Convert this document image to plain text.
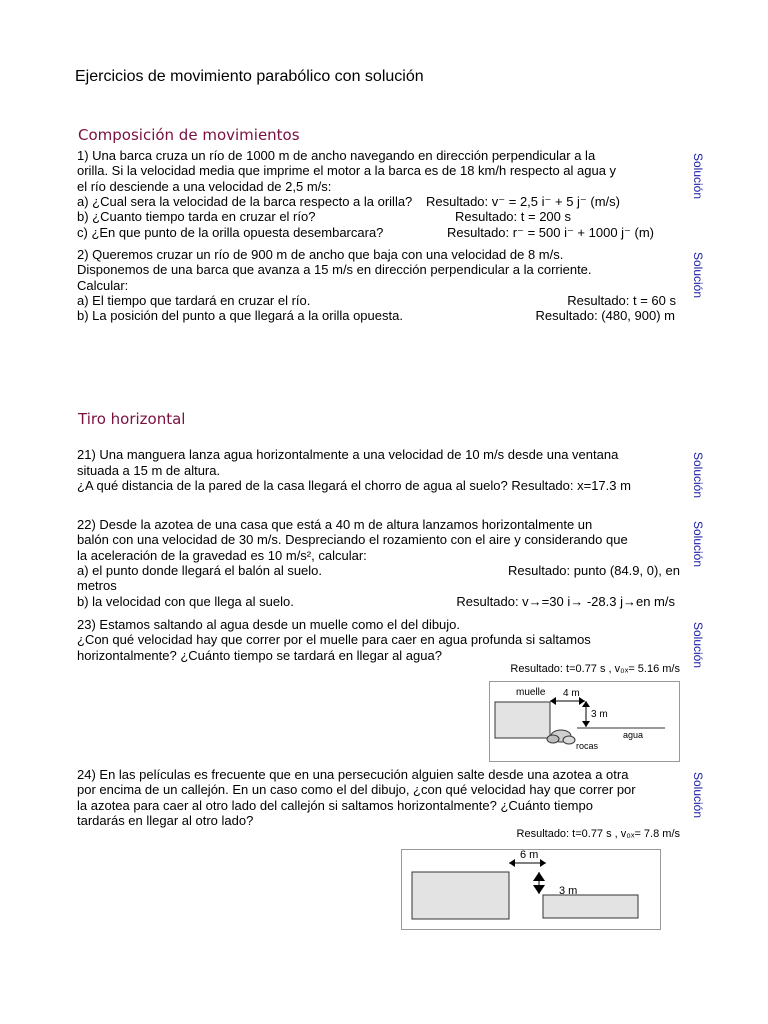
Ejercicios de movimiento parabólico con solución
Composición de movimientos
1) Una barca cruza un río de 1000 m de ancho navegando en dirección perpendicular a la
orilla. Si la velocidad media que imprime el motor a la barca es de 18 km/h respecto al agua y
el río desciende a una velocidad de 2,5 m/s:
a) ¿Cual sera la velocidad de la barca respecto a la orilla?
b) ¿Cuanto tiempo tarda en cruzar el río?
c) ¿En que punto de la orilla opuesta desembarcara?
Resultado: v⁻ = 2,5 i⁻ + 5 j⁻ (m/s)
Resultado: t = 200 s
Resultado: r⁻ = 500 i⁻ + 1000 j⁻ (m)
Solución
2) Queremos cruzar un río de 900 m de ancho que baja con una velocidad de 8 m/s.
Disponemos de una barca que avanza a 15 m/s en dirección perpendicular a la corriente.
Calcular:
a) El tiempo que tardará en cruzar el río.
b) La posición del punto a que llegará a la orilla opuesta.
Resultado: t = 60 s
Resultado: (480, 900) m
Solución
Tiro horizontal
21) Una manguera lanza agua horizontalmente a una velocidad de 10 m/s desde una ventana
situada a 15 m de altura.
¿A qué distancia de la pared de la casa llegará el chorro de agua al suelo? Resultado: x=17.3 m	Solución
22) Desde la azotea de una casa que está a 40 m de altura lanzamos horizontalmente un
balón con una velocidad de 30 m/s. Despreciando el rozamiento con el aire y considerando que
la aceleración de la gravedad es 10 m/s², calcular:
a) el punto donde llegará el balón al suelo.
metros
b) la velocidad con que llega al suelo.
Resultado: punto (84.9, 0), en
Resultado: v→=30 i→ -28.3 j→en m/s
Solución
23) Estamos saltando al agua desde un muelle como el del dibujo.
¿Con qué velocidad hay que correr por el muelle para caer en agua profunda si saltamos
horizontalmente? ¿Cuánto tiempo se tardará en llegar al agua?
Resultado: t=0.77 s , v₀ₓ= 5.16 m/s
Solución
muelle 4 m
3 m
rocas
agua
24) En las películas es frecuente que en una persecución alguien salte desde una azotea a otra
por encima de un callejón. En un caso como el del dibujo, ¿con qué velocidad hay que correr por
la azotea para caer al otro lado del callejón si saltamos horizontalmente? ¿Cuánto tiempo
tardarás en llegar al otro lado?
Resultado: t=0.77 s , v₀ₓ= 7.8 m/s
Solución
6 m
3 m
